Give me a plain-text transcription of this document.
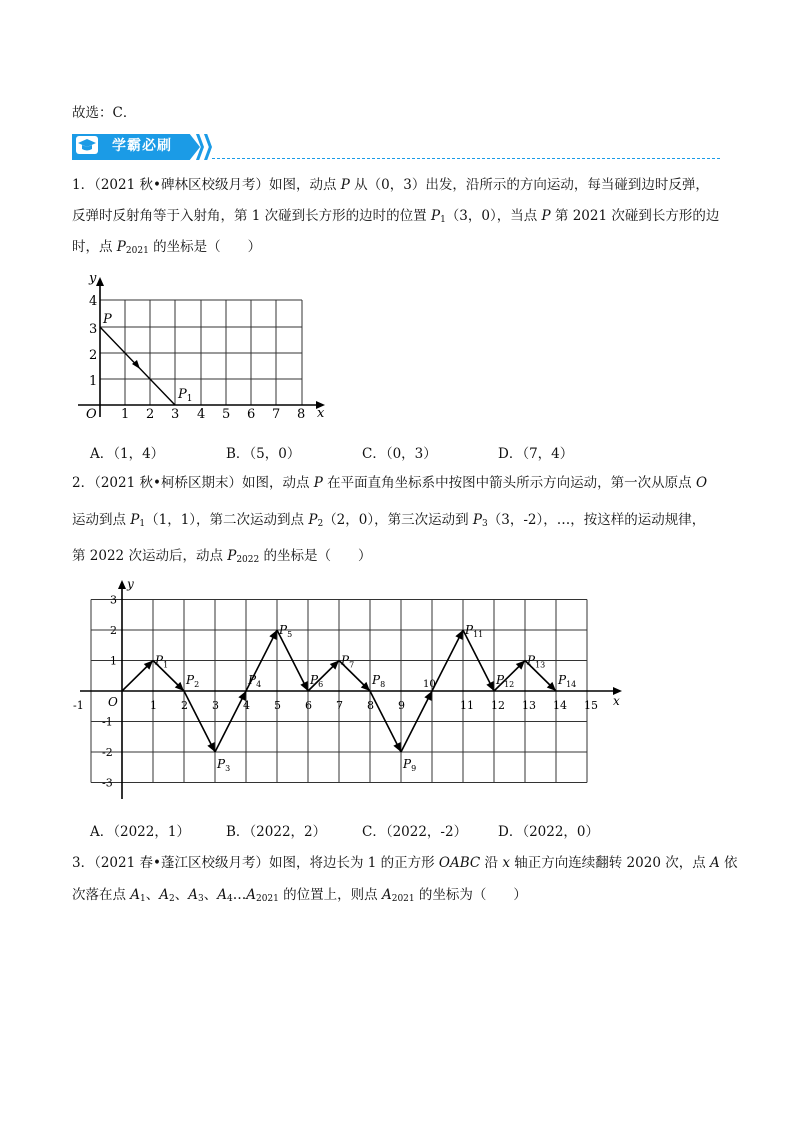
故选：C．
学霸必刷
1．（2021 秋•碑林区校级月考）如图，动点 P 从（0，3）出发，沿所示的方向运动，每当碰到边时反弹，
反弹时反射角等于入射角，第 1 次碰到长方形的边时的位置 $P_1(3$，0），当点 P 第 2021 次碰到长方形的边
时，点 $P_{2021}$ 的坐标是（　　）
y
x
O 1 2 3 4 5 6 7 8
1
2
3
4
P
$P_1$
A．（1，4）	B．（5，0）	C．（0，3）	D．（7，4）
2．（2021 秋•柯桥区期末）如图，动点 P 在平面直角坐标系中按图中箭头所示方向运动，第一次从原点 O
运动到点 $P_1(1$，1），第二次运动到点 $P_2(2$，0），第三次运动到 $P_3(3$，-2），…，按这样的运动规律，
第 2022 次运动后，动点 $P_{2022}$ 的坐标是（　　）
-1	1 2 3 4 5 6 7 8 9	11 12 13 14 15
3
2
1
-1
-2
-3
$P_1$
$P_2$
$P_3$
$P_4$
$P_5$
$P_6$
$P_7$
$P_8$
$P_9$
10
$P_{11}$
$P_{12}$
$P_{13}$
$P_{14}$
y
x
O
A．（2022，1）	B．（2022，2）	C．（2022，-2） D．（2022，0）
3．（2021 春•蓬江区校级月考）如图，将边长为 1 的正方形 OABC 沿 x 轴正方向连续翻转 2020 次，点 A 依
次落在点 $A_1$、$A_2$、$A_3$、$A_4\dots A_{2021}$ 的位置上，则点 $A_{2021}$ 的坐标为（　　）
